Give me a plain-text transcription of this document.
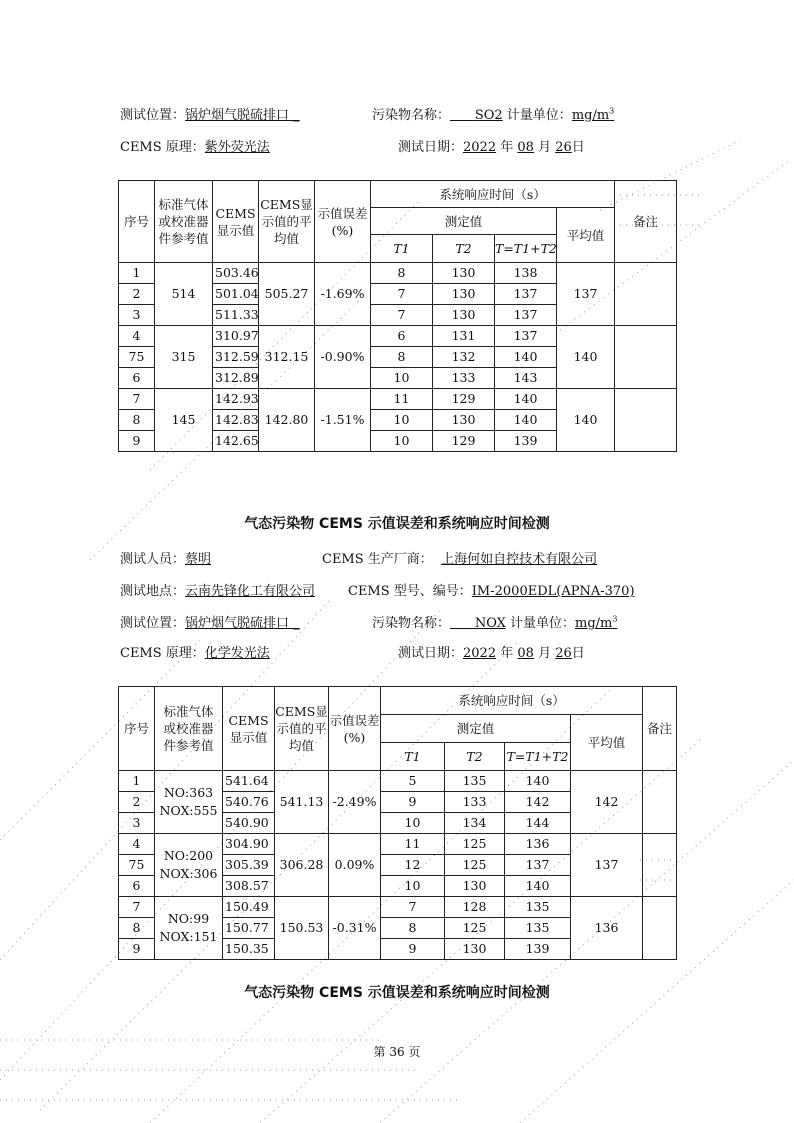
测试位置：锅炉烟气脱硫排口 _	污染物名称： SO2 计量单位：$mg/m^3$
CEMS 原理：紫外荧光法	测试日期：2022 年 08 月 26日
序号	标准气体或校准器件参考值	CEMS显示值	CEMS显示值的平均值	示值误差(%)	系统响应时间（s）				备注
					测定值			平均值	
					T1	T2	T=T1+T2		
1	514	503.46	505.27	-1.69%	8	130	138	137	
2		501.04			7	130	137		
3		511.33			7	130	137		
4	315	310.97	312.15	-0.90%	6	131	137	140	
75		312.59			8	132	140		
6		312.89			10	133	143		
7	145	142.93	142.80	-1.51%	11	129	140	140	
8		142.83			10	130	140		
9		142.65			10	129	139		
气态污染物 CEMS 示值误差和系统响应时间检测
测试人员：蔡明	CEMS 生产厂商： 上海何如自控技术有限公司
测试地点：云南先锋化工有限公司	CEMS 型号、编号：IM-2000EDL(APNA-370)
测试位置：锅炉烟气脱硫排口 _	污染物名称： NOX 计量单位：$mg/m^3$
CEMS 原理：化学发光法	测试日期：2022 年 08 月 26日
序号	标准气体或校准器件参考值	CEMS显示值	CEMS显示值的平均值	示值误差(%)	系统响应时间（s）				备注
					测定值			平均值	
					T1	T2	T=T1+T2		
1	NO:363
NOX:555	541.64	541.13	-2.49%	5	135	140	142	
2		540.76			9	133	142		
3		540.90			10	134	144		
4	NO:200
NOX:306	304.90	306.28	0.09%	11	125	136	137	
75		305.39			12	125	137		
6		308.57			10	130	140		
7	NO:99
NOX:151	150.49	150.53	-0.31%	7	128	135	136	
8		150.77			8	125	135		
9		150.35			9	130	139		
气态污染物 CEMS 示值误差和系统响应时间检测
第 36 页
